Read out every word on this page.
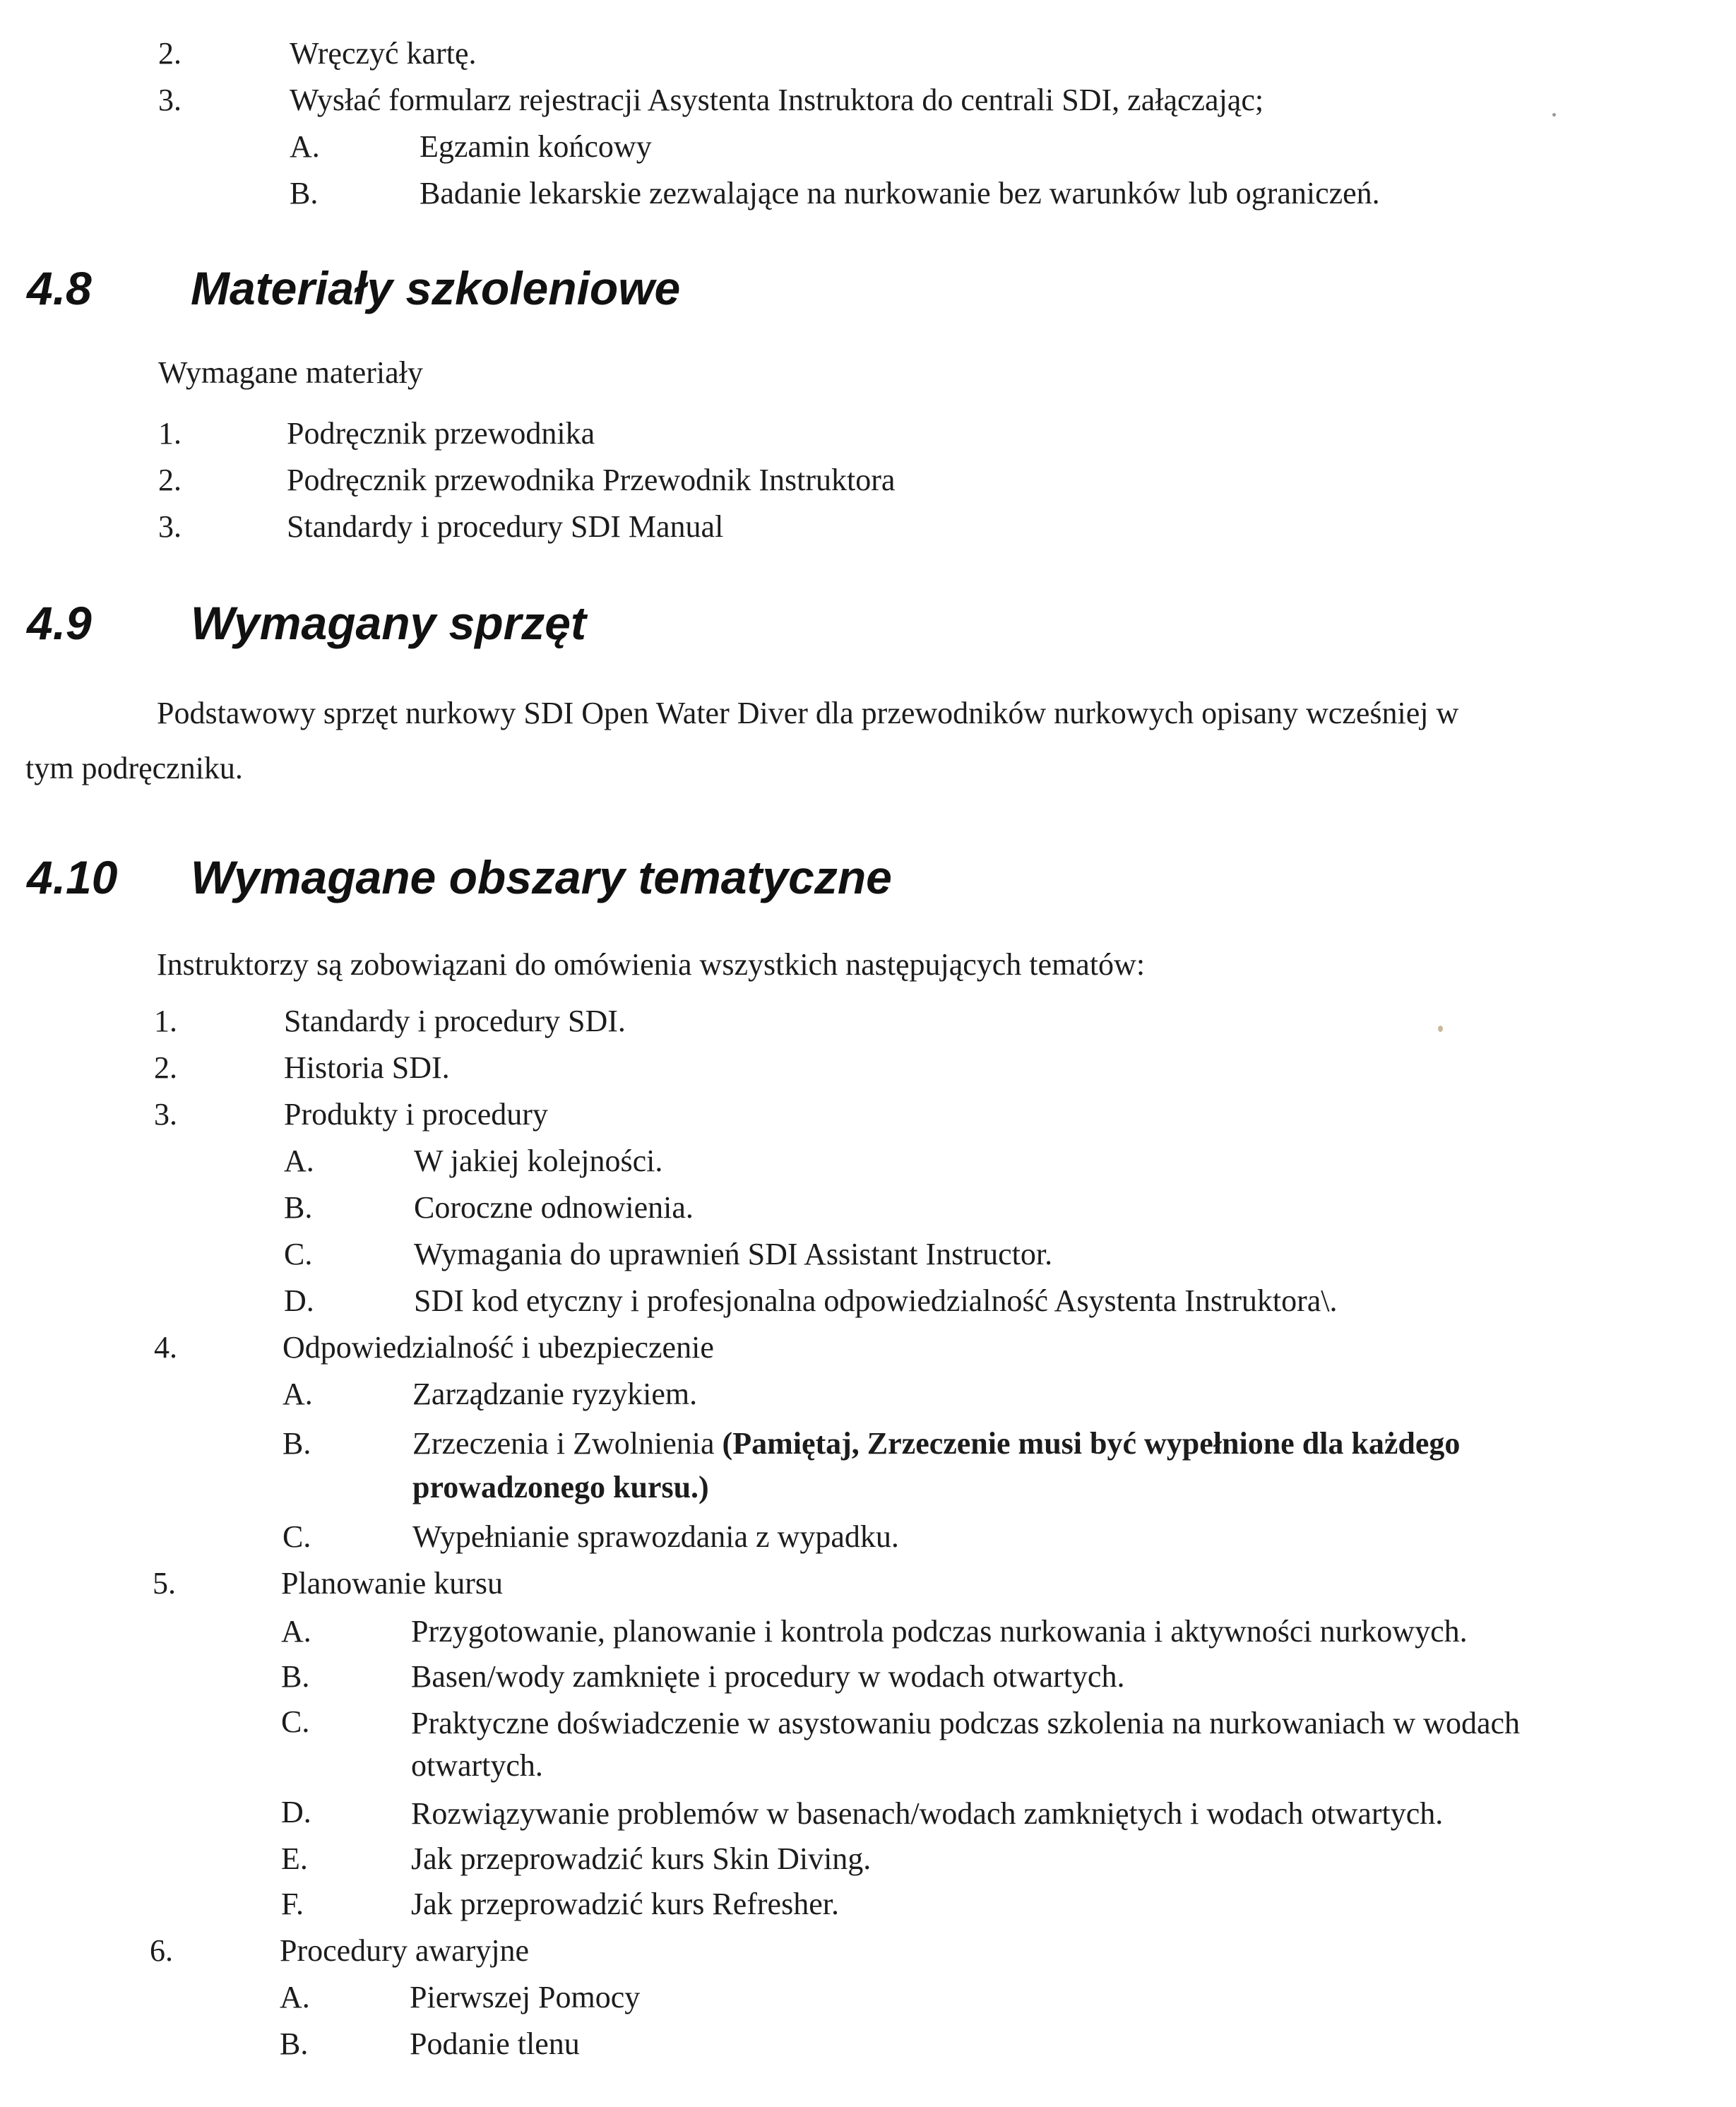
2.	Wręczyć kartę.
3.	Wysłać formularz rejestracji Asystenta Instruktora do centrali SDI, załączając;
A.	Egzamin końcowy
B.	Badanie lekarskie zezwalające na nurkowanie bez warunków lub ograniczeń.
4.8 Materiały szkoleniowe
Wymagane materiały
1.	Podręcznik przewodnika
2.	Podręcznik przewodnika Przewodnik Instruktora
3.	Standardy i procedury SDI Manual
4.9 Wymagany sprzęt
Podstawowy sprzęt nurkowy SDI Open Water Diver dla przewodników nurkowych opisany wcześniej w
tym podręczniku.
4.10 Wymagane obszary tematyczne
Instruktorzy są zobowiązani do omówienia wszystkich następujących tematów:
1.	Standardy i procedury SDI.
2.	Historia SDI.
3.	Produkty i procedury
A.	W jakiej kolejności.
B.	Coroczne odnowienia.
C.	Wymagania do uprawnień SDI Assistant Instructor.
D.	SDI kod etyczny i profesjonalna odpowiedzialność Asystenta Instruktora\.
4.	Odpowiedzialność i ubezpieczenie
A.	Zarządzanie ryzykiem.
B.	Zrzeczenia i Zwolnienia (Pamiętaj, Zrzeczenie musi być wypełnione dla każdego
prowadzonego kursu.)
C.	Wypełnianie sprawozdania z wypadku.
5.	Planowanie kursu
A.	Przygotowanie, planowanie i kontrola podczas nurkowania i aktywności nurkowych.
B.	Basen/wody zamknięte i procedury w wodach otwartych.
C.	Praktyczne doświadczenie w asystowaniu podczas szkolenia na nurkowaniach w wodach
otwartych.
D.	Rozwiązywanie problemów w basenach/wodach zamkniętych i wodach otwartych.
E.	Jak przeprowadzić kurs Skin Diving.
F.	Jak przeprowadzić kurs Refresher.
6.	Procedury awaryjne
A.	Pierwszej Pomocy
B.	Podanie tlenu
